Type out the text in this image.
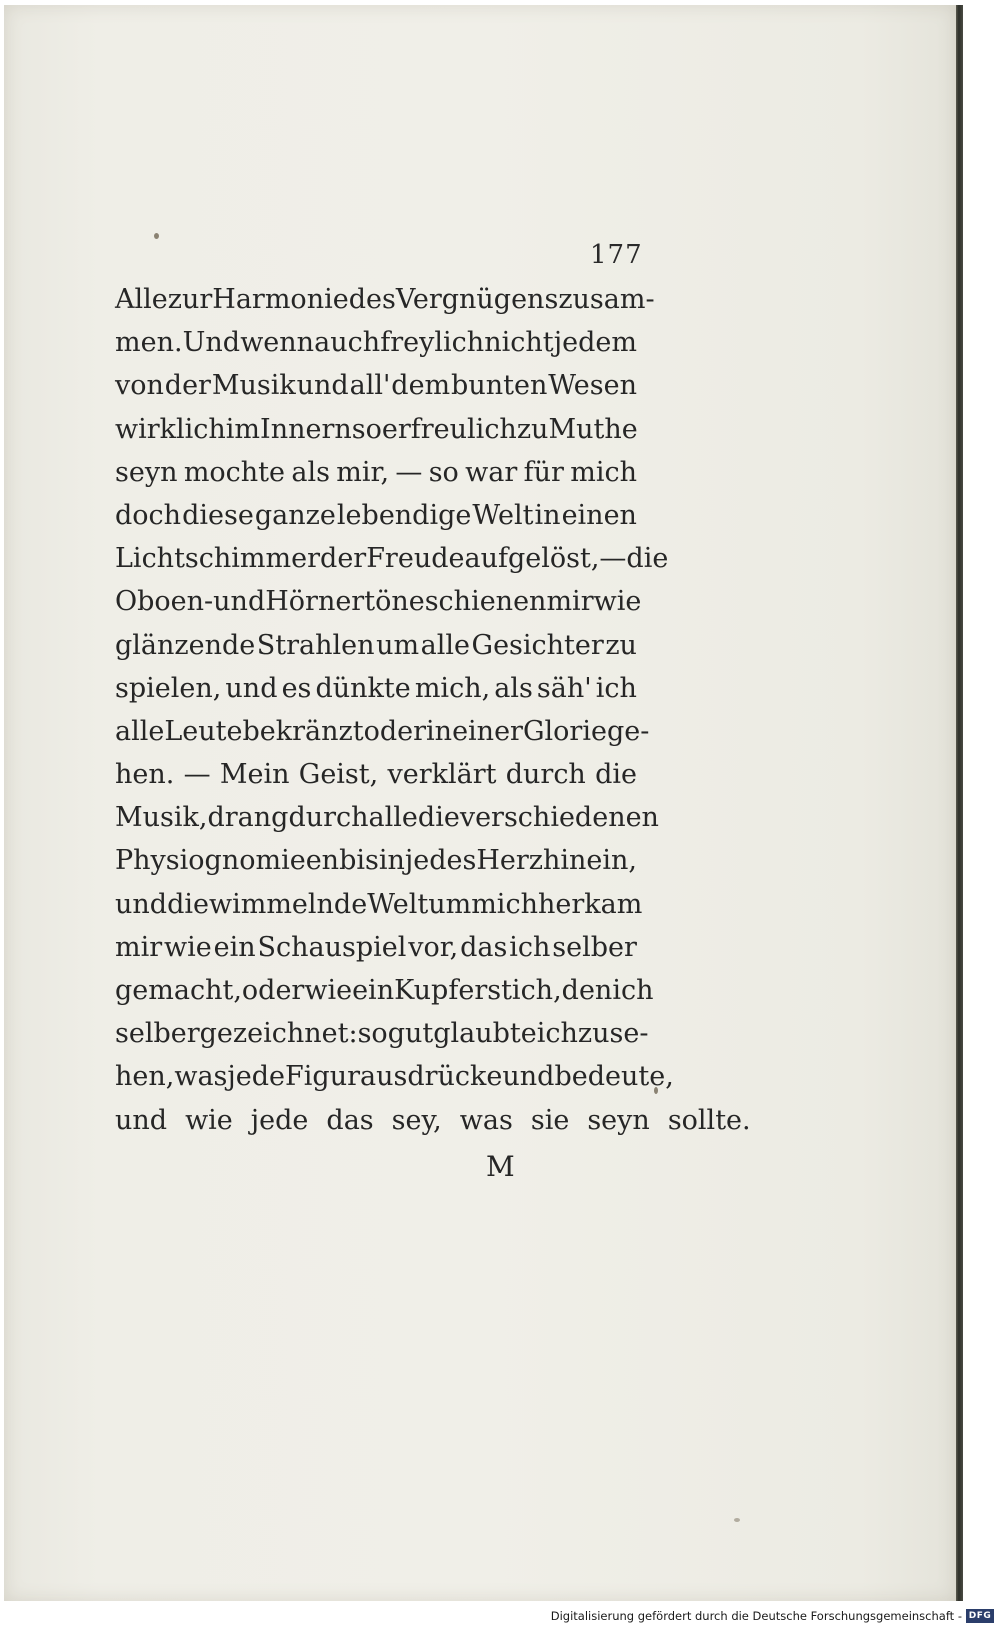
177
Alle zur Harmonie des Vergnügens zusam-
men. Und wenn auch freylich nicht jedem
von der Musik und all' dem bunten Wesen
wirklich im Innern so erfreulich zu Muthe
seyn mochte als mir, — so war für mich
doch diese ganze lebendige Welt in einen
Lichtschimmer der Freude aufgelöst, — die
Oboen- und Hörnertöne schienen mir wie
glänzende Strahlen um alle Gesichter zu
spielen, und es dünkte mich, als säh' ich
alle Leute bekränzt oder in einer Glorie ge-
hen. — Mein Geist, verklärt durch die
Musik, drang durch alle die verschiedenen
Physiognomieen bis in jedes Herz hinein,
und die wimmelnde Welt um mich her kam
mir wie ein Schauspiel vor, das ich selber
gemacht, oder wie ein Kupferstich, den ich
selber gezeichnet: so gut glaubte ich zu se-
hen, was jede Figur ausdrücke und bedeute,
und wie jede das sey, was sie seyn sollte.
M
Digitalisierung gefördert durch die Deutsche Forschungsgemeinschaft - DFG
